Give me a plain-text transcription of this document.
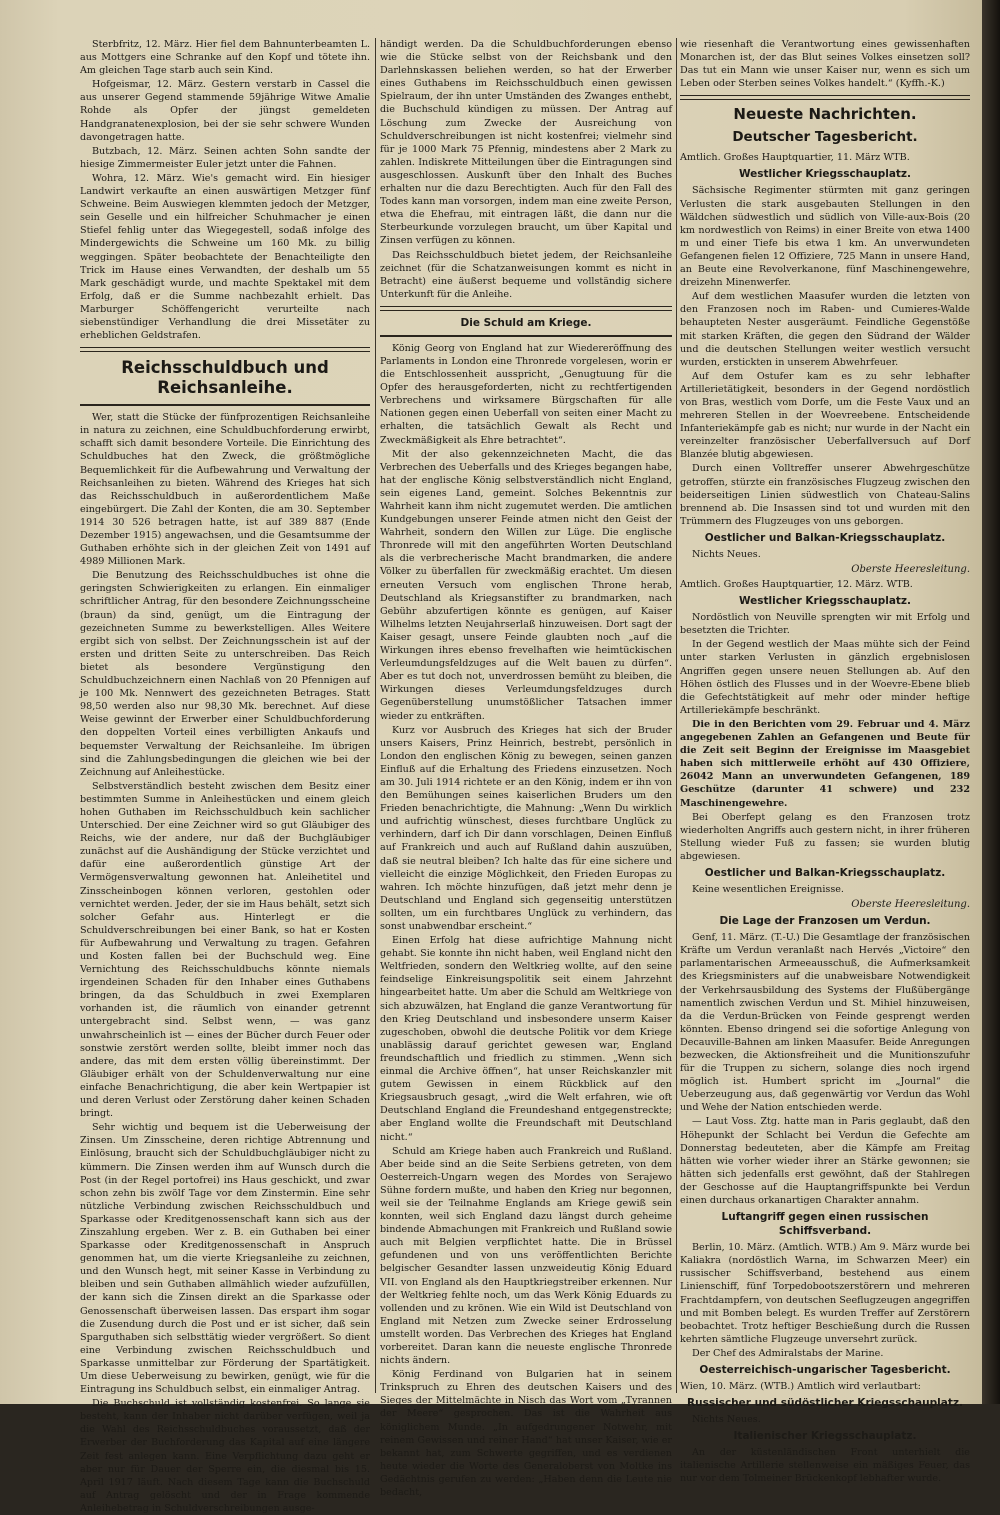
Sterbfritz, 12. März. Hier fiel dem Bahnunterbeamten L. aus Mottgers eine Schranke auf den Kopf und tötete ihn. Am gleichen Tage starb auch sein Kind.

Hofgeismar, 12. März. Gestern verstarb in Cassel die aus unserer Gegend stammende 59jährige Witwe Amalie Rohde als Opfer der jüngst gemeldeten Handgranatenexplosion, bei der sie sehr schwere Wunden davongetragen hatte.

Butzbach, 12. März. Seinen achten Sohn sandte der hiesige Zimmermeister Euler jetzt unter die Fahnen.

Wohra, 12. März. Wie's gemacht wird. Ein hiesiger Landwirt verkaufte an einen auswärtigen Metzger fünf Schweine. Beim Auswiegen klemmten jedoch der Metzger, sein Geselle und ein hilfreicher Schuhmacher je einen Stiefel fehlig unter das Wiegegestell, sodaß infolge des Mindergewichts die Schweine um 160 Mk. zu billig weggingen. Später beobachtete der Benachteiligte den Trick im Hause eines Verwandten, der deshalb um 55 Mark geschädigt wurde, und machte Spektakel mit dem Erfolg, daß er die Summe nachbezahlt erhielt. Das Marburger Schöffengericht verurteilte nach siebenstündiger Verhandlung die drei Missetäter zu erheblichen Geldstrafen.

Reichsschuldbuch und Reichsanleihe.

Wer, statt die Stücke der fünfprozentigen Reichsanleihe in natura zu zeichnen, eine Schuldbuchforderung erwirbt, schafft sich damit besondere Vorteile. Die Einrichtung des Schuldbuches hat den Zweck, die größtmögliche Bequemlichkeit für die Aufbewahrung und Verwaltung der Reichsanleihen zu bieten. Während des Krieges hat sich das Reichsschuldbuch in außerordentlichem Maße eingebürgert. Die Zahl der Konten, die am 30. September 1914 30 526 betragen hatte, ist auf 389 887 (Ende Dezember 1915) angewachsen, und die Gesamtsumme der Guthaben erhöhte sich in der gleichen Zeit von 1491 auf 4989 Millionen Mark.

Die Benutzung des Reichsschuldbuches ist ohne die geringsten Schwierigkeiten zu erlangen. Ein einmaliger schriftlicher Antrag, für den besondere Zeichnungsscheine (braun) da sind, genügt, um die Eintragung der gezeichneten Summe zu bewerkstelligen. Alles Weitere ergibt sich von selbst. Der Zeichnungsschein ist auf der ersten und dritten Seite zu unterschreiben. Das Reich bietet als besondere Vergünstigung den Schuldbuchzeichnern einen Nachlaß von 20 Pfennigen auf je 100 Mk. Nennwert des gezeichneten Betrages. Statt 98,50 werden also nur 98,30 Mk. berechnet. Auf diese Weise gewinnt der Erwerber einer Schuldbuchforderung den doppelten Vorteil eines verbilligten Ankaufs und bequemster Verwaltung der Reichsanleihe. Im übrigen sind die Zahlungsbedingungen die gleichen wie bei der Zeichnung auf Anleihestücke.

Selbstverständlich besteht zwischen dem Besitz einer bestimmten Summe in Anleihestücken und einem gleich hohen Guthaben im Reichsschuldbuch kein sachlicher Unterschied. Der eine Zeichner wird so gut Gläubiger des Reichs, wie der andere, nur daß der Buchgläubiger zunächst auf die Aushändigung der Stücke verzichtet und dafür eine außerordentlich günstige Art der Vermögensverwaltung gewonnen hat. Anleihetitel und Zinsscheinbogen können verloren, gestohlen oder vernichtet werden. Jeder, der sie im Haus behält, setzt sich solcher Gefahr aus. Hinterlegt er die Schuldverschreibungen bei einer Bank, so hat er Kosten für Aufbewahrung und Verwaltung zu tragen. Gefahren und Kosten fallen bei der Buchschuld weg. Eine Vernichtung des Reichsschuldbuchs könnte niemals irgendeinen Schaden für den Inhaber eines Guthabens bringen, da das Schuldbuch in zwei Exemplaren vorhanden ist, die räumlich von einander getrennt untergebracht sind. Selbst wenn, — was ganz unwahrscheinlich ist — eines der Bücher durch Feuer oder sonstwie zerstört werden sollte, bleibt immer noch das andere, das mit dem ersten völlig übereinstimmt. Der Gläubiger erhält von der Schuldenverwaltung nur eine einfache Benachrichtigung, die aber kein Wertpapier ist und deren Verlust oder Zerstörung daher keinen Schaden bringt.

Sehr wichtig und bequem ist die Ueberweisung der Zinsen. Um Zinsscheine, deren richtige Abtrennung und Einlösung, braucht sich der Schuldbuchgläubiger nicht zu kümmern. Die Zinsen werden ihm auf Wunsch durch die Post (in der Regel portofrei) ins Haus geschickt, und zwar schon zehn bis zwölf Tage vor dem Zinstermin. Eine sehr nützliche Verbindung zwischen Reichsschuldbuch und Sparkasse oder Kreditgenossenschaft kann sich aus der Zinszahlung ergeben. Wer z. B. ein Guthaben bei einer Sparkasse oder Kreditgenossenschaft in Anspruch genommen hat, um die vierte Kriegsanleihe zu zeichnen, und den Wunsch hegt, mit seiner Kasse in Verbindung zu bleiben und sein Guthaben allmählich wieder aufzufüllen, der kann sich die Zinsen direkt an die Sparkasse oder Genossenschaft überweisen lassen. Das erspart ihm sogar die Zusendung durch die Post und er ist sicher, daß sein Sparguthaben sich selbsttätig wieder vergrößert. So dient eine Verbindung zwischen Reichsschuldbuch und Sparkasse unmittelbar zur Förderung der Spartätigkeit. Um diese Ueberweisung zu bewirken, genügt, wie für die Eintragung ins Schuldbuch selbst, ein einmaliger Antrag.

Die Buchschuld ist vollständig kostenfrei. So lange sie besteht, kann der Inhaber nicht darüber verfügen, weil ja die Wahl des Reichsschuldbuches voraussetzt, daß der Erwerber der Buchforderung das Kapital auf eine längere Zeit fest anlegen kann. Eine Verpflichtung dazu geht er aber nur für Dauer der Sperre ein, die diesmal bis 15. April 1917 läuft. Nach diesem Tage kann die Buchschuld auf Antrag gelöscht und der in Frage kommende Anleihebetrag in Schuldverschreibungen ausge-

händigt werden. Da die Schuldbuchforderungen ebenso wie die Stücke selbst von der Reichsbank und den Darlehnskassen beliehen werden, so hat der Erwerber eines Guthabens im Reichsschuldbuch einen gewissen Spielraum, der ihn unter Umständen des Zwanges enthebt, die Buchschuld kündigen zu müssen. Der Antrag auf Löschung zum Zwecke der Ausreichung von Schuldverschreibungen ist nicht kostenfrei; vielmehr sind für je 1000 Mark 75 Pfennig, mindestens aber 2 Mark zu zahlen. Indiskrete Mitteilungen über die Eintragungen sind ausgeschlossen. Auskunft über den Inhalt des Buches erhalten nur die dazu Berechtigten. Auch für den Fall des Todes kann man vorsorgen, indem man eine zweite Person, etwa die Ehefrau, mit eintragen läßt, die dann nur die Sterbeurkunde vorzulegen braucht, um über Kapital und Zinsen verfügen zu können.

Das Reichsschuldbuch bietet jedem, der Reichsanleihe zeichnet (für die Schatzanweisungen kommt es nicht in Betracht) eine äußerst bequeme und vollständig sichere Unterkunft für die Anleihe.

Die Schuld am Kriege.

König Georg von England hat zur Wiedereröffnung des Parlaments in London eine Thronrede vorgelesen, worin er die Entschlossenheit ausspricht, „Genugtuung für die Opfer des herausgeforderten, nicht zu rechtfertigenden Verbrechens und wirksamere Bürgschaften für alle Nationen gegen einen Ueberfall von seiten einer Macht zu erhalten, die tatsächlich Gewalt als Recht und Zweckmäßigkeit als Ehre betrachtet“.

Mit der also gekennzeichneten Macht, die das Verbrechen des Ueberfalls und des Krieges begangen habe, hat der englische König selbstverständlich nicht England, sein eigenes Land, gemeint. Solches Bekenntnis zur Wahrheit kann ihm nicht zugemutet werden. Die amtlichen Kundgebungen unserer Feinde atmen nicht den Geist der Wahrheit, sondern den Willen zur Lüge. Die englische Thronrede will mit den angeführten Worten Deutschland als die verbrecherische Macht brandmarken, die andere Völker zu überfallen für zweckmäßig erachtet. Um diesen erneuten Versuch vom englischen Throne herab, Deutschland als Kriegsanstifter zu brandmarken, nach Gebühr abzufertigen könnte es genügen, auf Kaiser Wilhelms letzten Neujahrserlaß hinzuweisen. Dort sagt der Kaiser gesagt, unsere Feinde glaubten noch „auf die Wirkungen ihres ebenso frevelhaften wie heimtückischen Verleumdungsfeldzuges auf die Welt bauen zu dürfen“. Aber es tut doch not, unverdrossen bemüht zu bleiben, die Wirkungen dieses Verleumdungsfeldzuges durch Gegenüberstellung unumstößlicher Tatsachen immer wieder zu entkräften.

Kurz vor Ausbruch des Krieges hat sich der Bruder unsers Kaisers, Prinz Heinrich, bestrebt, persönlich in London den englischen König zu bewegen, seinen ganzen Einfluß auf die Erhaltung des Friedens einzusetzen. Noch am 30. Juli 1914 richtete er an den König, indem er ihn von den Bemühungen seines kaiserlichen Bruders um den Frieden benachrichtigte, die Mahnung: „Wenn Du wirklich und aufrichtig wünschest, dieses furchtbare Unglück zu verhindern, darf ich Dir dann vorschlagen, Deinen Einfluß auf Frankreich und auch auf Rußland dahin auszuüben, daß sie neutral bleiben? Ich halte das für eine sichere und vielleicht die einzige Möglichkeit, den Frieden Europas zu wahren. Ich möchte hinzufügen, daß jetzt mehr denn je Deutschland und England sich gegenseitig unterstützen sollten, um ein furchtbares Unglück zu verhindern, das sonst unabwendbar erscheint.“

Einen Erfolg hat diese aufrichtige Mahnung nicht gehabt. Sie konnte ihn nicht haben, weil England nicht den Weltfrieden, sondern den Weltkrieg wollte, auf den seine feindselige Einkreisungspolitik seit einem Jahrzehnt hingearbeitet hatte. Um aber die Schuld am Weltkriege von sich abzuwälzen, hat England die ganze Verantwortung für den Krieg Deutschland und insbesondere unserm Kaiser zugeschoben, obwohl die deutsche Politik vor dem Kriege unablässig darauf gerichtet gewesen war, England freundschaftlich und friedlich zu stimmen. „Wenn sich einmal die Archive öffnen“, hat unser Reichskanzler mit gutem Gewissen in einem Rückblick auf den Kriegsausbruch gesagt, „wird die Welt erfahren, wie oft Deutschland England die Freundeshand entgegenstreckte; aber England wollte die Freundschaft mit Deutschland nicht.“

Schuld am Kriege haben auch Frankreich und Rußland. Aber beide sind an die Seite Serbiens getreten, von dem Oesterreich-Ungarn wegen des Mordes von Serajewo Sühne fordern mußte, und haben den Krieg nur begonnen, weil sie der Teilnahme Englands am Kriege gewiß sein konnten, weil sich England dazu längst durch geheime bindende Abmachungen mit Frankreich und Rußland sowie auch mit Belgien verpflichtet hatte. Die in Brüssel gefundenen und von uns veröffentlichten Berichte belgischer Gesandter lassen unzweideutig König Eduard VII. von England als den Hauptkriegstreiber erkennen. Nur der Weltkrieg fehlte noch, um das Werk König Eduards zu vollenden und zu krönen. Wie ein Wild ist Deutschland von England mit Netzen zum Zwecke seiner Erdrosselung umstellt worden. Das Verbrechen des Krieges hat England vorbereitet. Daran kann die neueste englische Thronrede nichts ändern.

König Ferdinand von Bulgarien hat in seinem Trinkspruch zu Ehren des deutschen Kaisers und des Sieges der Mittelmächte in Nisch das Wort vom „Tyrannen der Meere“ gesprochen. Das ist die Wahrheit aus königlichem Munde. „In aufgedrungener Notwehr, mit reinem Gewissen und reiner Hand“ hat unser Kaiser, wie er bekannt hat, zum Schwerte gegriffen, und es verdienen heute wieder die Worte des Generaloberst von Moltke ins Gedächtnis gerufen zu werden: „Haben denn die Leute nie bedacht,

wie riesenhaft die Verantwortung eines gewissenhaften Monarchen ist, der das Blut seines Volkes einsetzen soll? Das tut ein Mann wie unser Kaiser nur, wenn es sich um Leben oder Sterben seines Volkes handelt.“ (Kyffh.-K.)

Neueste Nachrichten.
Deutscher Tagesbericht.

Amtlich. Großes Hauptquartier, 11. März WTB.

Westlicher Kriegsschauplatz.

Sächsische Regimenter stürmten mit ganz geringen Verlusten die stark ausgebauten Stellungen in den Wäldchen südwestlich und südlich von Ville-aux-Bois (20 km nordwestlich von Reims) in einer Breite von etwa 1400 m und einer Tiefe bis etwa 1 km. An unverwundeten Gefangenen fielen 12 Offiziere, 725 Mann in unsere Hand, an Beute eine Revolverkanone, fünf Maschinengewehre, dreizehn Minenwerfer.

Auf dem westlichen Maasufer wurden die letzten von den Franzosen noch im Raben- und Cumieres-Walde behaupteten Nester ausgeräumt. Feindliche Gegenstöße mit starken Kräften, die gegen den Südrand der Wälder und die deutschen Stellungen weiter westlich versucht wurden, erstickten in unserem Abwehrfeuer.

Auf dem Ostufer kam es zu sehr lebhafter Artillerietätigkeit, besonders in der Gegend nordöstlich von Bras, westlich vom Dorfe, um die Feste Vaux und an mehreren Stellen in der Woevreebene. Entscheidende Infanteriekämpfe gab es nicht; nur wurde in der Nacht ein vereinzelter französischer Ueberfallversuch auf Dorf Blanzée blutig abgewiesen.

Durch einen Volltreffer unserer Abwehrgeschütze getroffen, stürzte ein französisches Flugzeug zwischen den beiderseitigen Linien südwestlich von Chateau-Salins brennend ab. Die Insassen sind tot und wurden mit den Trümmern des Flugzeuges von uns geborgen.

Oestlicher und Balkan-Kriegsschauplatz.

Nichts Neues.

Oberste Heeresleitung.

Amtlich. Großes Hauptquartier, 12. März. WTB.

Westlicher Kriegsschauplatz.

Nordöstlich von Neuville sprengten wir mit Erfolg und besetzten die Trichter.

In der Gegend westlich der Maas mühte sich der Feind unter starken Verlusten in gänzlich ergebnislosen Angriffen gegen unsere neuen Stellungen ab. Auf den Höhen östlich des Flusses und in der Woevre-Ebene blieb die Gefechtstätigkeit auf mehr oder minder heftige Artilleriekämpfe beschränkt.

Die in den Berichten vom 29. Februar und 4. März angegebenen Zahlen an Gefangenen und Beute für die Zeit seit Beginn der Ereignisse im Maasgebiet haben sich mittlerweile erhöht auf 430 Offiziere, 26042 Mann an unverwundeten Gefangenen, 189 Geschütze (darunter 41 schwere) und 232 Maschinengewehre.

Bei Oberfept gelang es den Franzosen trotz wiederholten Angriffs auch gestern nicht, in ihrer früheren Stellung wieder Fuß zu fassen; sie wurden blutig abgewiesen.

Oestlicher und Balkan-Kriegsschauplatz.

Keine wesentlichen Ereignisse.

Oberste Heeresleitung.
Die Lage der Franzosen um Verdun.

Genf, 11. März. (T.-U.) Die Gesamtlage der französischen Kräfte um Verdun veranlaßt nach Hervés „Victoire“ den parlamentarischen Armeeausschuß, die Aufmerksamkeit des Kriegsministers auf die unabweisbare Notwendigkeit der Verkehrsausbildung des Systems der Flußübergänge namentlich zwischen Verdun und St. Mihiel hinzuweisen, da die Verdun-Brücken von Feinde gesprengt werden könnten. Ebenso dringend sei die sofortige Anlegung von Decauville-Bahnen am linken Maasufer. Beide Anregungen bezwecken, die Aktionsfreiheit und die Munitionszufuhr für die Truppen zu sichern, solange dies noch irgend möglich ist. Humbert spricht im „Journal“ die Ueberzeugung aus, daß gegenwärtig vor Verdun das Wohl und Wehe der Nation entschieden werde.

— Laut Voss. Ztg. hatte man in Paris geglaubt, daß den Höhepunkt der Schlacht bei Verdun die Gefechte am Donnerstag bedeuteten, aber die Kämpfe am Freitag hätten wie vorher wieder ihrer an Stärke gewonnen; sie hätten sich jedenfalls erst gewöhnt, daß der Stahlregen der Geschosse auf die Hauptangriffspunkte bei Verdun einen durchaus orkanartigen Charakter annahm.

Luftangriff gegen einen russischen Schiffsverband.

Berlin, 10. März. (Amtlich. WTB.) Am 9. März wurde bei Kaliakra (nordöstlich Warna, im Schwarzen Meer) ein russischer Schiffsverband, bestehend aus einem Linienschiff, fünf Torpedobootszerstörern und mehreren Frachtdampfern, von deutschen Seeflugzeugen angegriffen und mit Bomben belegt. Es wurden Treffer auf Zerstörern beobachtet. Trotz heftiger Beschießung durch die Russen kehrten sämtliche Flugzeuge unversehrt zurück.

Der Chef des Admiralstabs der Marine.

Oesterreichisch-ungarischer Tagesbericht.

Wien, 10. März. (WTB.) Amtlich wird verlautbart:

Russischer und südöstlicher Kriegsschauplatz.

Nichts Neues.

Italienischer Kriegsschauplatz.

An der küstenländischen Front unterhielt die italienische Artillerie stellenweise ein mäßiges Feuer, das nur vor dem Tolmeiner Brückenkopf lebhafter wurde.
